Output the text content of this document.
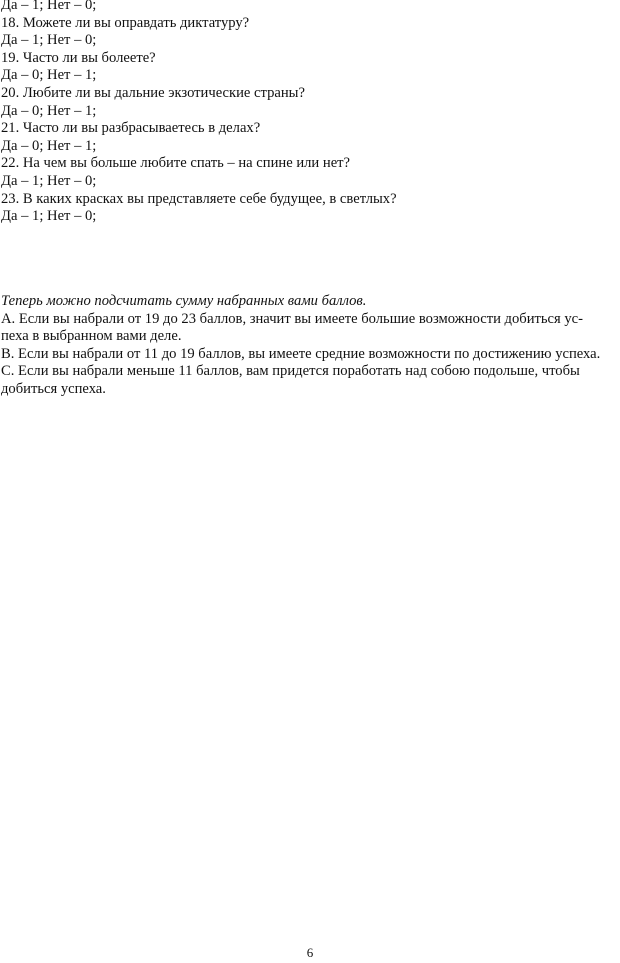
Да – 1; Нет – 0;
18. Можете ли вы оправдать диктатуру?
Да – 1; Нет – 0;
19. Часто ли вы болеете?
Да – 0; Нет – 1;
20. Любите ли вы дальние экзотические страны?
Да – 0; Нет – 1;
21. Часто ли вы разбрасываетесь в делах?
Да – 0; Нет – 1;
22. На чем вы больше любите спать – на спине или нет?
Да – 1; Нет – 0;
23. В каких красках вы представляете себе будущее, в светлых?
Да – 1; Нет – 0;
Теперь можно подсчитать сумму набранных вами баллов.
А. Если вы набрали от 19 до 23 баллов, значит вы имеете большие возможности добиться ус-
пеха в выбранном вами деле.
В. Если вы набрали от 11 до 19 баллов, вы имеете средние возможности по достижению успеха.
С. Если вы набрали меньше 11 баллов, вам придется поработать над собою подольше, чтобы
добиться успеха.
6
